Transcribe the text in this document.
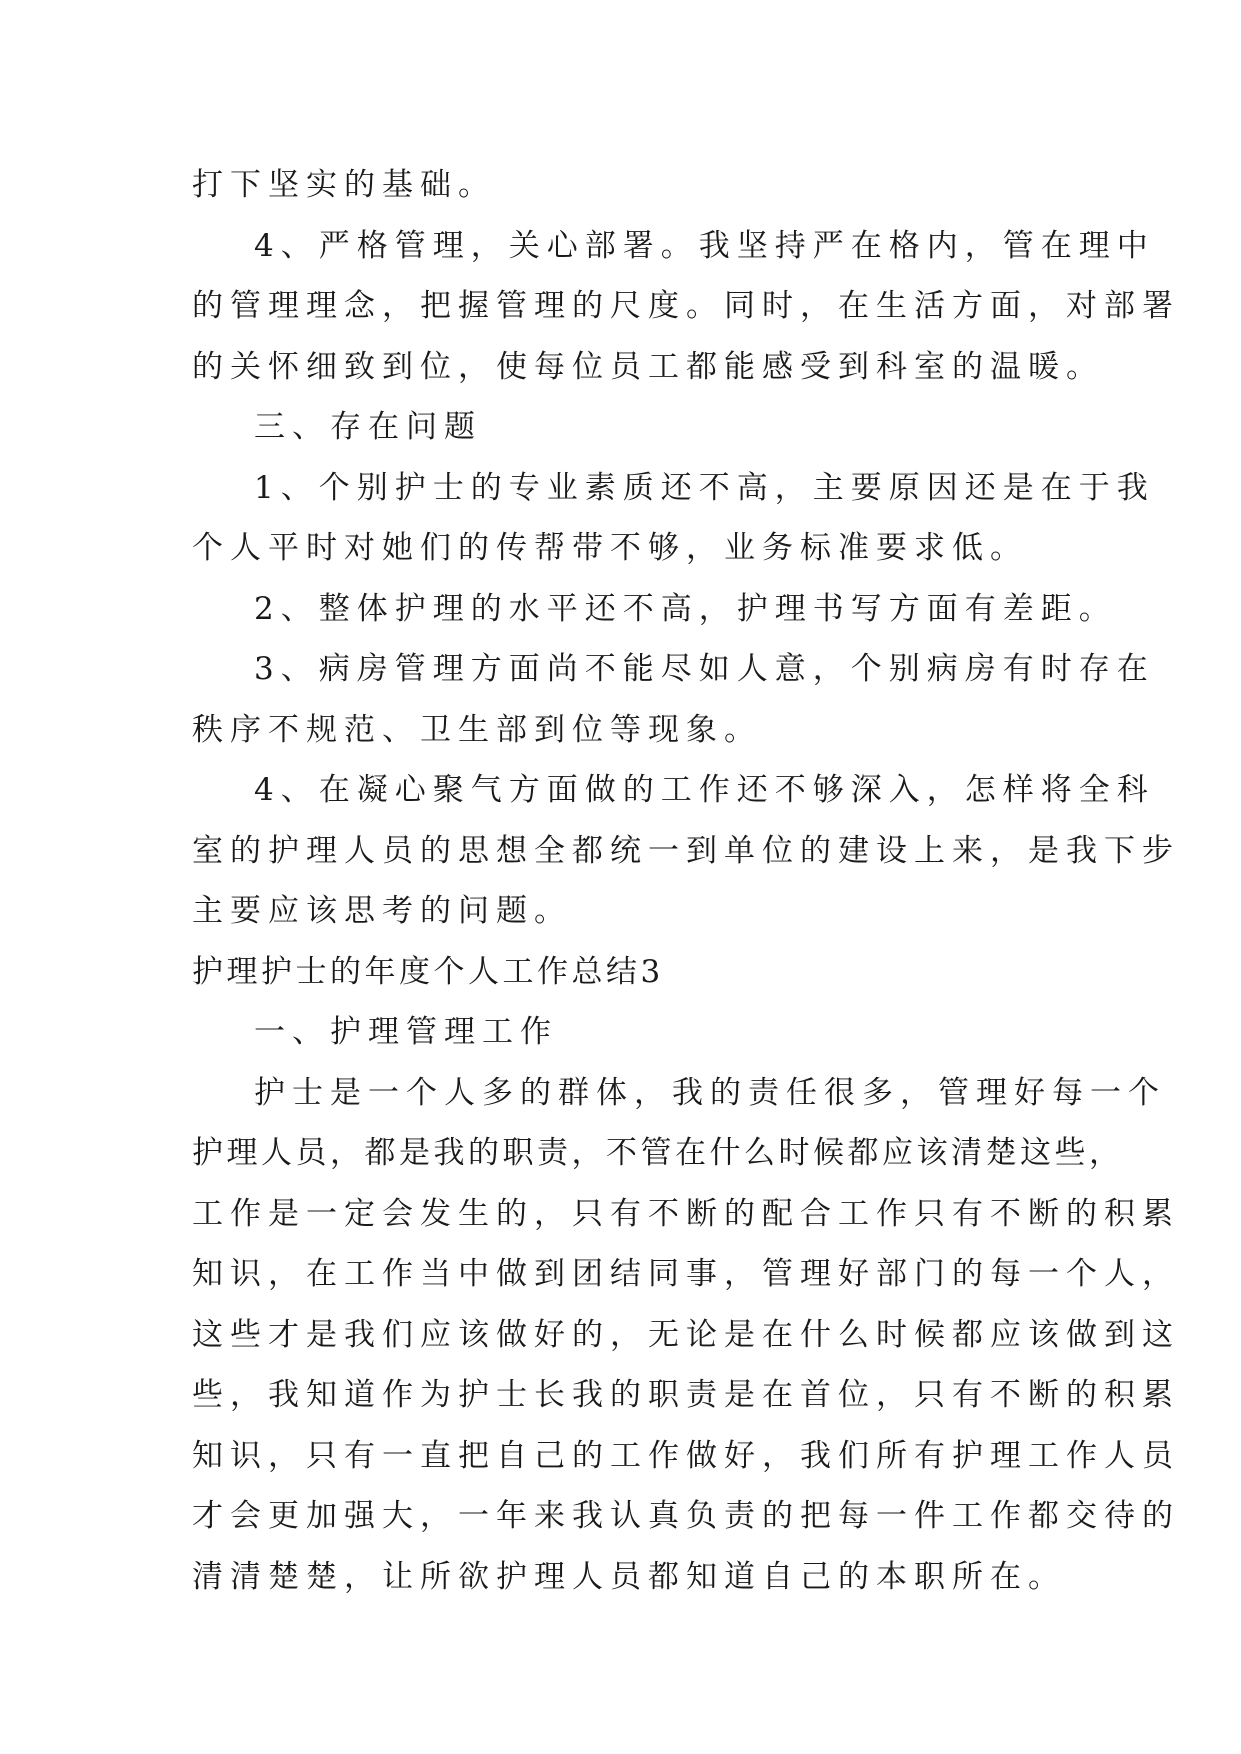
打下坚实的基础。
4、严格管理，关心部署。我坚持严在格内，管在理中
的管理理念，把握管理的尺度。同时，在生活方面，对部署
的关怀细致到位，使每位员工都能感受到科室的温暖。
三、存在问题
1、个别护士的专业素质还不高，主要原因还是在于我
个人平时对她们的传帮带不够，业务标准要求低。
2、整体护理的水平还不高，护理书写方面有差距。
3、病房管理方面尚不能尽如人意，个别病房有时存在
秩序不规范、卫生部到位等现象。
4、在凝心聚气方面做的工作还不够深入，怎样将全科
室的护理人员的思想全都统一到单位的建设上来，是我下步
主要应该思考的问题。
护理护士的年度个人工作总结3
一、护理管理工作
护士是一个人多的群体，我的责任很多，管理好每一个
护理人员，都是我的职责，不管在什么时候都应该清楚这些，
工作是一定会发生的，只有不断的配合工作只有不断的积累
知识，在工作当中做到团结同事，管理好部门的每一个人，
这些才是我们应该做好的，无论是在什么时候都应该做到这
些，我知道作为护士长我的职责是在首位，只有不断的积累
知识，只有一直把自己的工作做好，我们所有护理工作人员
才会更加强大，一年来我认真负责的把每一件工作都交待的
清清楚楚，让所欲护理人员都知道自己的本职所在。
